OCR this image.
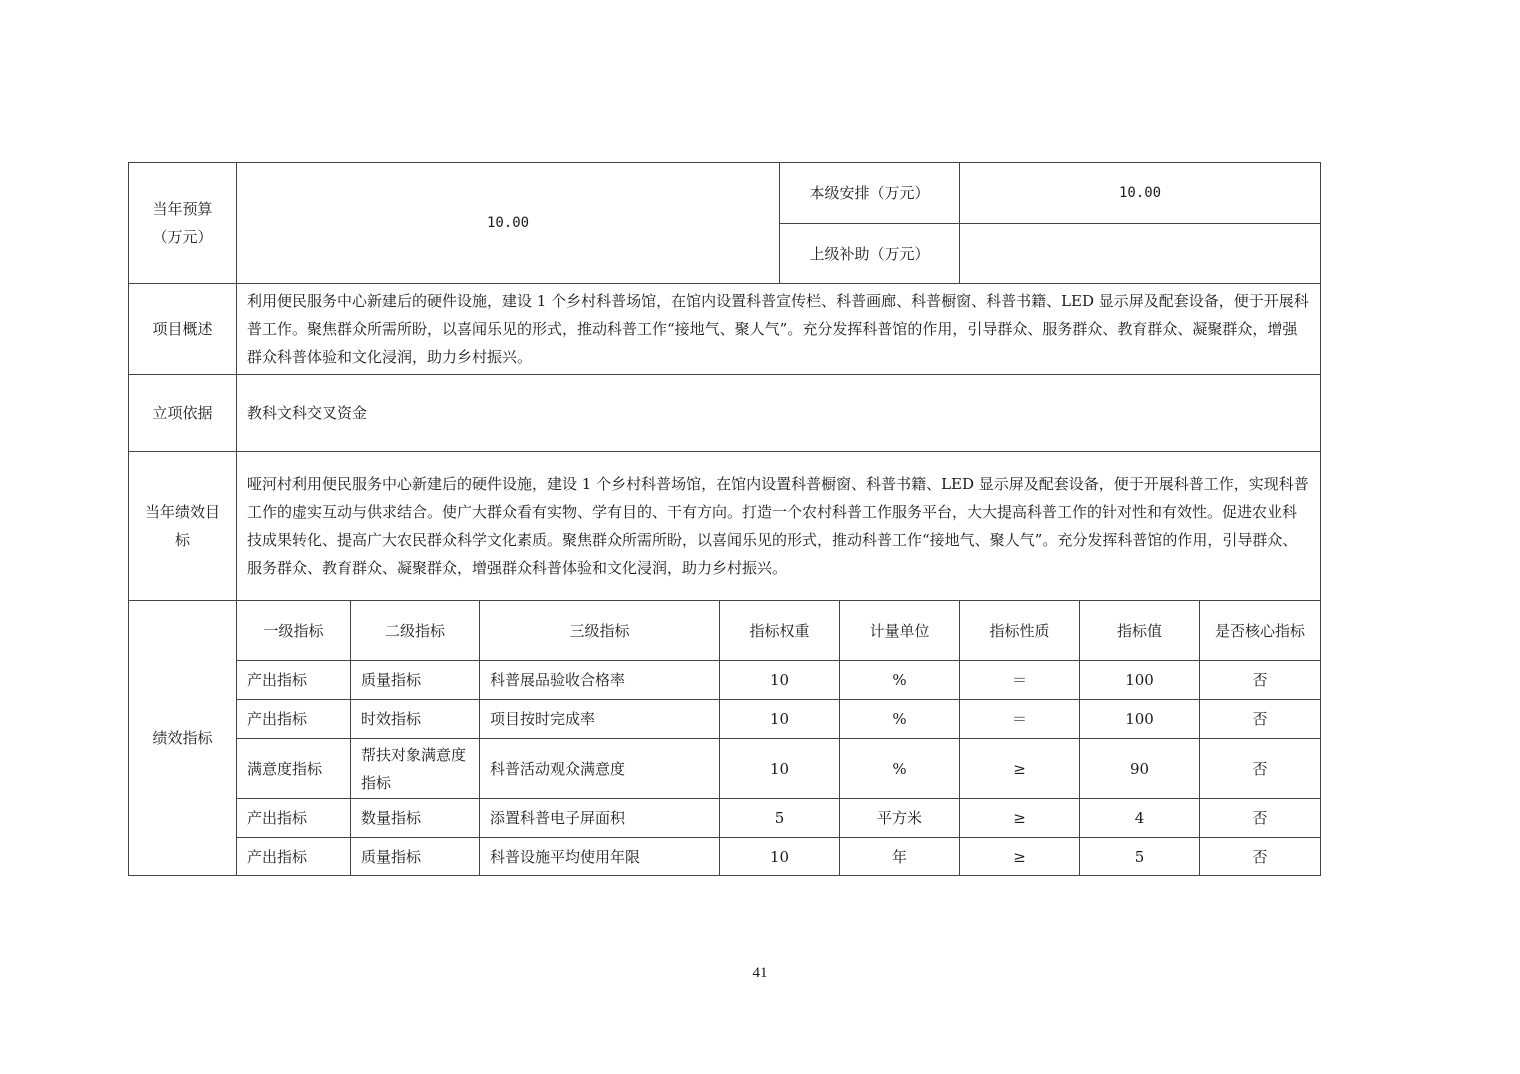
当年预算（万元）	10.00				本级安排（万元）		10.00		
					上级补助（万元）				
项目概述	利用便民服务中心新建后的硬件设施，建设 1 个乡村科普场馆，在馆内设置科普宣传栏、科普画廊、科普橱窗、科普书籍、LED 显示屏及配套设备，便于开展科普工作。聚焦群众所需所盼，以喜闻乐见的形式，推动科普工作“接地气、聚人气”。充分发挥科普馆的作用，引导群众、服务群众、教育群众、凝聚群众，增强群众科普体验和文化浸润，助力乡村振兴。								
立项依据	教科文科交叉资金								
当年绩效目标	哑河村利用便民服务中心新建后的硬件设施，建设 1 个乡村科普场馆，在馆内设置科普橱窗、科普书籍、LED 显示屏及配套设备，便于开展科普工作，实现科普工作的虚实互动与供求结合。使广大群众看有实物、学有目的、干有方向。打造一个农村科普工作服务平台，大大提高科普工作的针对性和有效性。促进农业科技成果转化、提高广大农民群众科学文化素质。聚焦群众所需所盼，以喜闻乐见的形式，推动科普工作“接地气、聚人气”。充分发挥科普馆的作用，引导群众、服务群众、教育群众、凝聚群众，增强群众科普体验和文化浸润，助力乡村振兴。								
绩效指标	一级指标	二级指标	三级指标	指标权重		计量单位	指标性质	指标值	是否核心指标
	产出指标	质量指标	科普展品验收合格率	10		%	＝	100	否
	产出指标	时效指标	项目按时完成率	10		%	＝	100	否
	满意度指标	帮扶对象满意度指标	科普活动观众满意度	10		%	≥	90	否
	产出指标	数量指标	添置科普电子屏面积	5		平方米	≥	4	否
	产出指标	质量指标	科普设施平均使用年限	10		年	≥	5	否
41
